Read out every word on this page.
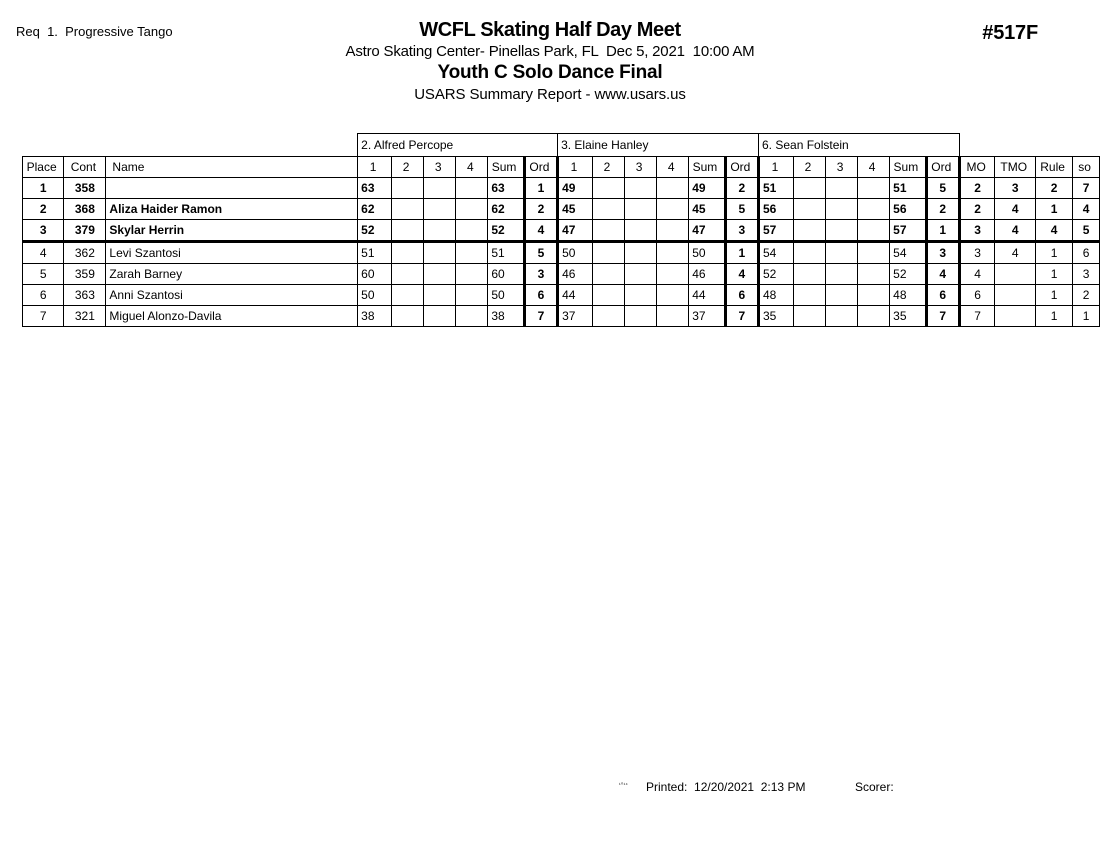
Req  1.  Progressive Tango	WCFL Skating Half Day Meet
Astro Skating Center- Pinellas Park, FL  Dec 5, 2021  10:00 AM
Youth C Solo Dance Final
USARS Summary Report - www.usars.us
#517F
			2. Alfred Percope						3. Elaine Hanley						6. Sean Folstein									
Place	Cont	Name	1	2	3	4	Sum	Ord	1	2	3	4	Sum	Ord	1	2	3	4	Sum	Ord	MO	TMO	Rule	so
1	358		63				63	1	49				49	2	51				51	5	2	3	2	7
2	368	Aliza Haider Ramon	62				62	2	45				45	5	56				56	2	2	4	1	4
3	379	Skylar Herrin	52				52	4	47				47	3	57				57	1	3	4	4	5
4	362	Levi Szantosi	51				51	5	50				50	1	54				54	3	3	4	1	6
5	359	Zarah Barney	60				60	3	46				46	4	52				52	4	4		1	3
6	363	Anni Szantosi	50				50	6	44				44	6	48				48	6	6		1	2
7	321	Miguel Alonzo-Davila	38				38	7	37				37	7	35				35	7	7		1	1
¹⁰¹⁴ Printed:  12/20/2021  2:13 PM	Scorer:
